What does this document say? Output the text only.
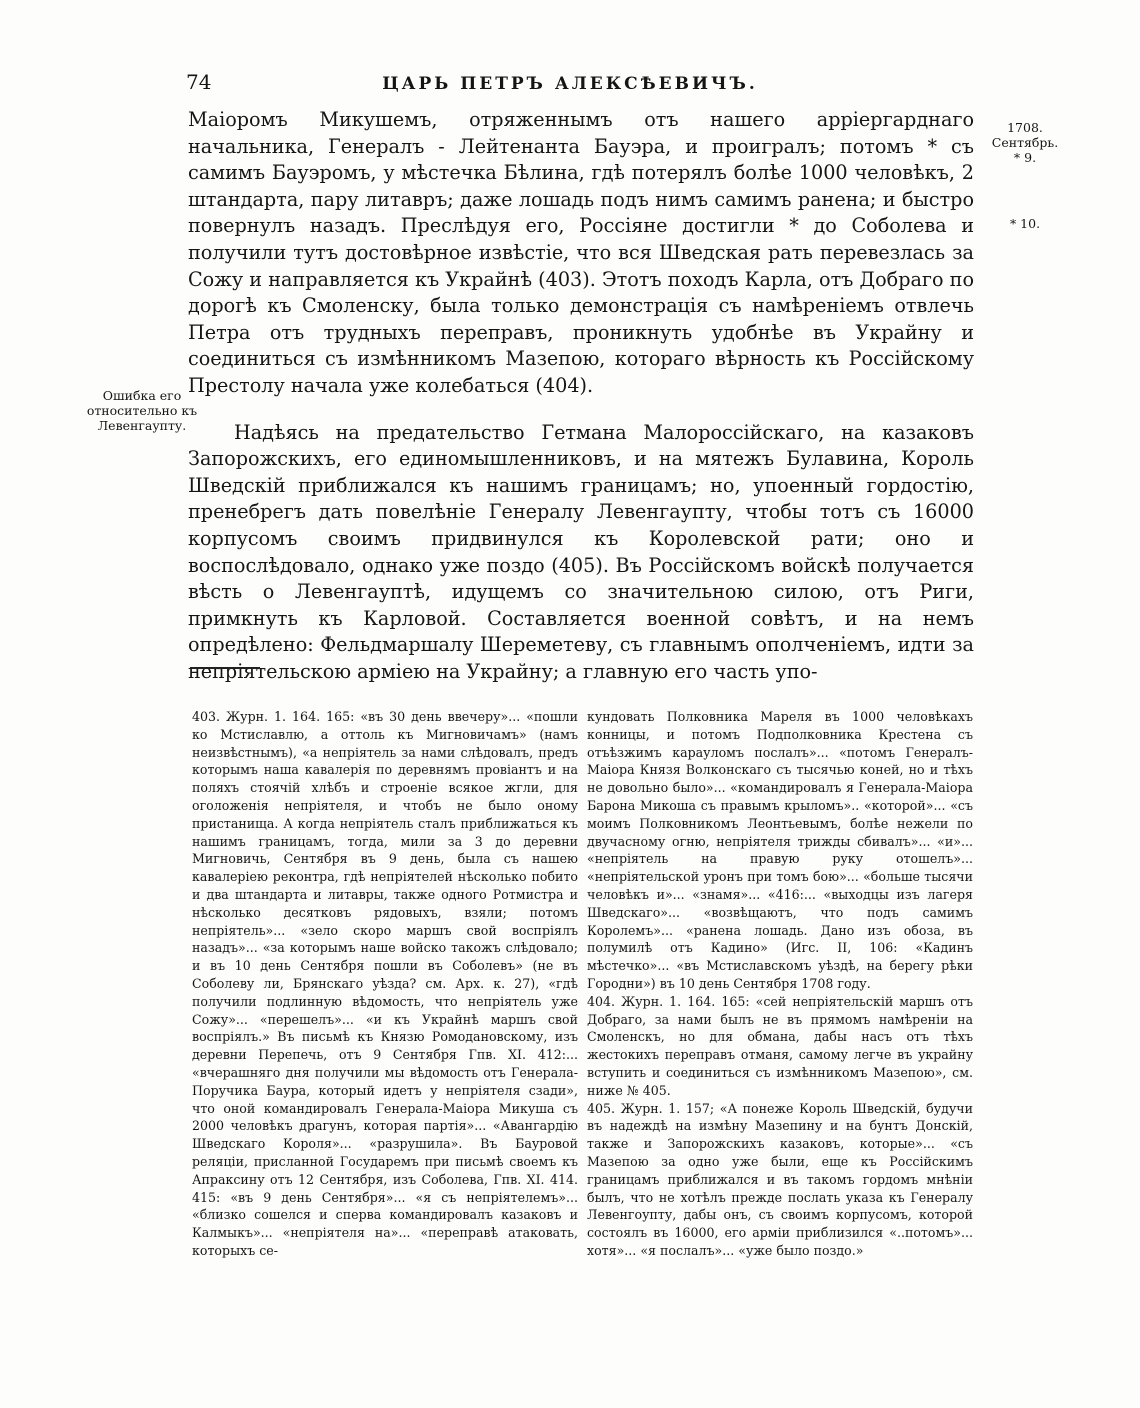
74	ЦАРЬ ПЕТРЪ АЛЕКСѢЕВИЧЪ.
1708.
Сентябрь.
* 9.
* 10.
Ошибка его относительно къ Левенгаупту.

Маіоромъ Микушемъ, отряженнымъ отъ нашего арріергарднаго начальника, Генералъ - Лейтенанта Бауэра, и проигралъ; потомъ * съ самимъ Бауэромъ, у мѣстечка Бѣлина, гдѣ потерялъ болѣе 1000 человѣкъ, 2 штандарта, пару литавръ; даже лошадь подъ нимъ самимъ ранена; и быстро повернулъ назадъ. Преслѣдуя его, Россіяне достигли * до Соболева и получили тутъ достовѣрное извѣстіе, что вся Шведская рать перевезлась за Сожу и направляется къ Украйнѣ (403). Этотъ походъ Карла, отъ Добраго по дорогѣ къ Смоленску, была только демонстрація съ намѣреніемъ отвлечь Петра отъ трудныхъ переправъ, проникнуть удобнѣе въ Украйну и соединиться съ измѣнникомъ Мазепою, котораго вѣрность къ Россійскому Престолу начала уже колебаться (404).

Надѣясь на предательство Гетмана Малороссійскаго, на казаковъ Запорожскихъ, его единомышленниковъ, и на мятежъ Булавина, Король Шведскій приближался къ нашимъ границамъ; но, упоенный гордостію, пренебрегъ дать повелѣніе Генералу Левенгаупту, чтобы тотъ съ 16000 корпусомъ своимъ придвинулся къ Королевской рати; оно и воспослѣдовало, однако уже поздо (405). Въ Россійскомъ войскѣ получается вѣсть о Левенгауптѣ, идущемъ со значительною силою, отъ Риги, примкнуть къ Карловой. Составляется военной совѣтъ, и на немъ опредѣлено: Фельдмаршалу Шереметеву, съ главнымъ ополченіемъ, идти за непріятельскою арміею на Украйну; а главную его часть упо-

403. Журн. 1. 164. 165: «въ 30 день ввечеру»... «пошли ко Мстиславлю, а оттоль къ Мигновичамъ» (намъ неизвѣстнымъ), «а непріятель за нами слѣдовалъ, предъ которымъ наша кавалерія по деревнямъ провіантъ и на поляхъ стоячій хлѣбъ и строеніе всякое жгли, для оголоженія непріятеля, и чтобъ не было оному пристанища. А когда непріятель сталъ приближаться къ нашимъ границамъ, тогда, мили за 3 до деревни Мигновичь, Сентября въ 9 день, была съ нашею кавалеріею реконтра, гдѣ непріятелей нѣсколько побито и два штандарта и литавры, также одного Ротмистра и нѣсколько десятковъ рядовыхъ, взяли; потомъ непріятель»... «зело скоро маршъ свой воспріялъ назадъ»... «за которымъ наше войско такожъ слѣдовало; и въ 10 день Сентября пошли въ Соболевъ» (не въ Соболеву ли, Брянскаго уѣзда? см. Арх. к. 27), «гдѣ получили подлинную вѣдомость, что непріятель уже Сожу»... «перешелъ»... «и къ Украйнѣ маршъ свой воспріялъ.» Въ письмѣ къ Князю Ромодановскому, изъ деревни Перепечь, отъ 9 Сентября Гпв. XI. 412:... «вчерашняго дня получили мы вѣдомость отъ Генерала-Поручика Баура, который идетъ у непріятеля сзади», что оной командировалъ Генерала-Маіора Микуша съ 2000 человѣкъ драгунъ, которая партія»... «Авангардію Шведскаго Короля»... «разрушила». Въ Бауровой реляціи, присланной Государемъ при письмѣ своемъ къ Апраксину отъ 12 Сентября, изъ Соболева, Гпв. XI. 414. 415: «въ 9 день Сентября»... «я съ непріятелемъ»... «близко сошелся и сперва командировалъ казаковъ и Калмыкъ»... «непріятеля на»... «переправѣ атаковать, которыхъ се-

кундовать Полковника Мареля въ 1000 человѣкахъ конницы, и потомъ Подполковника Крестена съ отъѣзжимъ карауломъ послалъ»... «потомъ Генералъ-Маіора Князя Волконскаго съ тысячью коней, но и тѣхъ не довольно было»... «командировалъ я Генерала-Маіора Барона Микоша съ правымъ крыломъ».. «которой»... «съ моимъ Полковникомъ Леонтьевымъ, болѣе нежели по двучасному огню, непріятеля трижды сбивалъ»... «и»... «непріятель на правую руку отошелъ»... «непріятельской уронъ при томъ бою»... «больше тысячи человѣкъ и»... «знамя»... «416:... «выходцы изъ лагеря Шведскаго»... «возвѣщаютъ, что подъ самимъ Королемъ»... «ранена лошадь. Дано изъ обоза, въ полумилѣ отъ Кадино» (Игс. II, 106: «Кадинъ мѣстечко»... «въ Мстиславскомъ уѣздѣ, на берегу рѣки Городни») въ 10 день Сентября 1708 году.

404. Журн. 1. 164. 165: «сей непріятельскій маршъ отъ Добраго, за нами былъ не въ прямомъ намѣреніи на Смоленскъ, но для обмана, дабы насъ отъ тѣхъ жестокихъ переправъ отманя, самому легче въ украйну вступить и соединиться съ измѣнникомъ Мазепою», см. ниже № 405.

405. Журн. 1. 157; «А понеже Король Шведскій, будучи въ надеждѣ на измѣну Мазепину и на бунтъ Донскій, также и Запорожскихъ казаковъ, которые»... «съ Мазепою за одно уже были, еще къ Россійскимъ границамъ приближался и въ такомъ гордомъ мнѣніи былъ, что не хотѣлъ прежде послать указа къ Генералу Левенгоупту, дабы онъ, съ своимъ корпусомъ, которой состоялъ въ 16000, его арміи приблизился «..потомъ»... хотя»... «я послалъ»... «уже было поздо.»
